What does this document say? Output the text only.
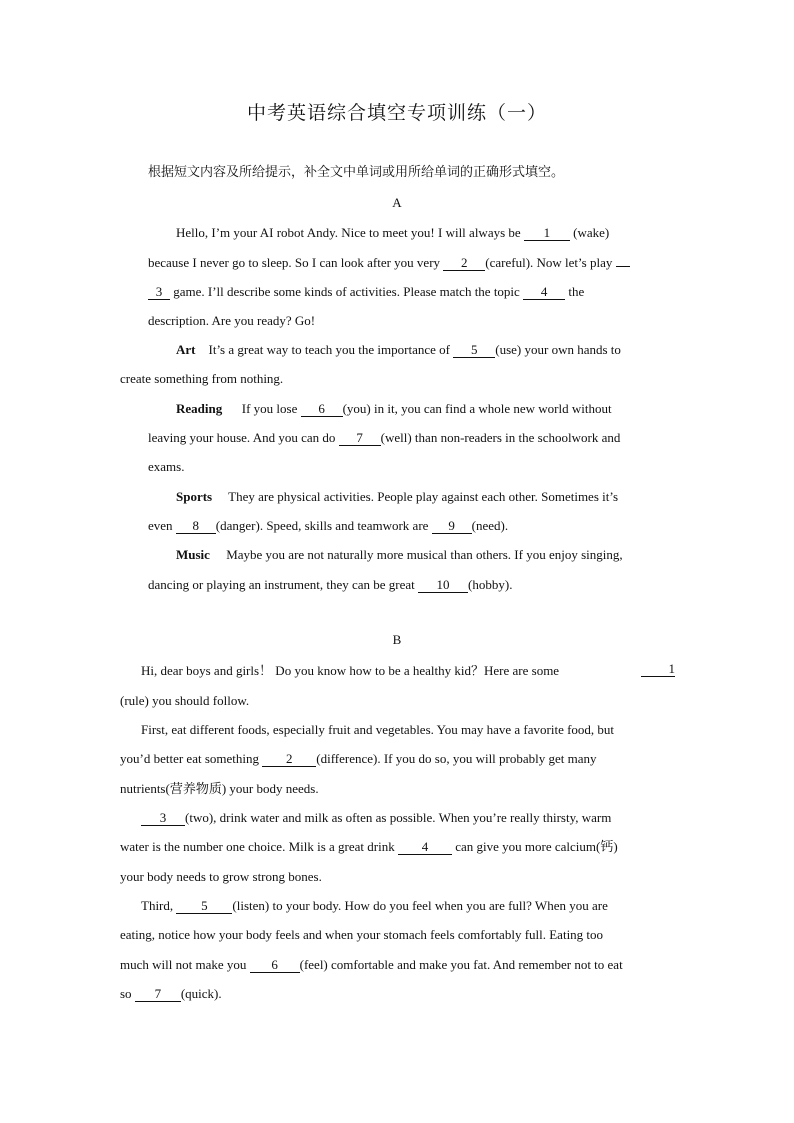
中考英语综合填空专项训练（一）
根据短文内容及所给提示，补全文中单词或用所给单词的正确形式填空。
A
Hello, I’m your AI robot Andy. Nice to meet you! I will always be 1 (wake)
because I never go to sleep. So I can look after you very 2 (careful). Now let’s play
3 game. I’ll describe some kinds of activities. Please match the topic 4 the
description. Are you ready? Go!
Art It’s a great way to teach you the importance of 5 (use) your own hands to
create something from nothing.
Reading If you lose 6 (you) in it, you can find a whole new world without
leaving your house. And you can do 7 (well) than non-readers in the schoolwork and
exams.
Sports They are physical activities. People play against each other. Sometimes it’s
even 8 (danger). Speed, skills and teamwork are 9 (need).
Music Maybe you are not naturally more musical than others. If you enjoy singing,
dancing or playing an instrument, they can be great 10 (hobby).
B
Hi, dear boys and girls！ Do you know how to be a healthy kid？Here are some	1
(rule) you should follow.
First, eat different foods, especially fruit and vegetables. You may have a favorite food, but
you’d better eat something 2 (difference). If you do so, you will probably get many
nutrients(营养物质) your body needs.
3 (two), drink water and milk as often as possible. When you’re really thirsty, warm
water is the number one choice. Milk is a great drink 4 can give you more calcium(钙)
your body needs to grow strong bones.
Third, 5 (listen) to your body. How do you feel when you are full? When you are
eating, notice how your body feels and when your stomach feels comfortably full. Eating too
much will not make you 6 (feel) comfortable and make you fat. And remember not to eat
so 7 (quick).
